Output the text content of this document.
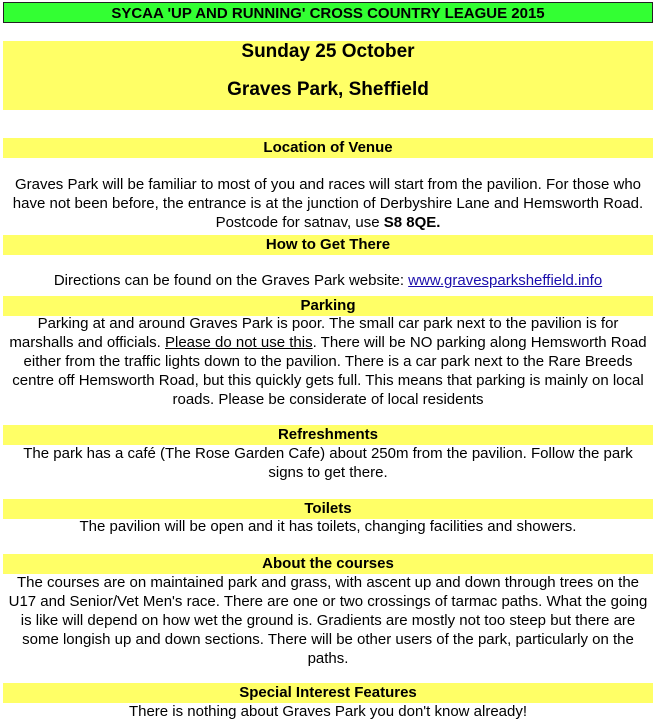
SYCAA 'UP AND RUNNING' CROSS COUNTRY LEAGUE 2015
Sunday 25 October
Graves Park, Sheffield
Location of Venue
Graves Park will be familiar to most of you and races will start from the pavilion. For those who have not been before, the entrance is at the junction of Derbyshire Lane and Hemsworth Road. Postcode for satnav, use S8 8QE.
How to Get There
Directions can be found on the Graves Park website: www.gravesparksheffield.info
Parking
Parking at and around Graves Park is poor. The small car park next to the pavilion is for marshalls and officials. Please do not use this. There will be NO parking along Hemsworth Road either from the traffic lights down to the pavilion. There is a car park next to the Rare Breeds centre off Hemsworth Road, but this quickly gets full. This means that parking is mainly on local roads. Please be considerate of local residents
Refreshments
The park has a café (The Rose Garden Cafe) about 250m from the pavilion. Follow the park signs to get there.
Toilets
The pavilion will be open and it has toilets, changing facilities and showers.
About the courses
The courses are on maintained park and grass, with ascent up and down through trees on the U17 and Senior/Vet Men's race. There are one or two crossings of tarmac paths. What the going is like will depend on how wet the ground is. Gradients are mostly not too steep but there are some longish up and down sections. There will be other users of the park, particularly on the paths.
Special Interest Features
There is nothing about Graves Park you don't know already!
